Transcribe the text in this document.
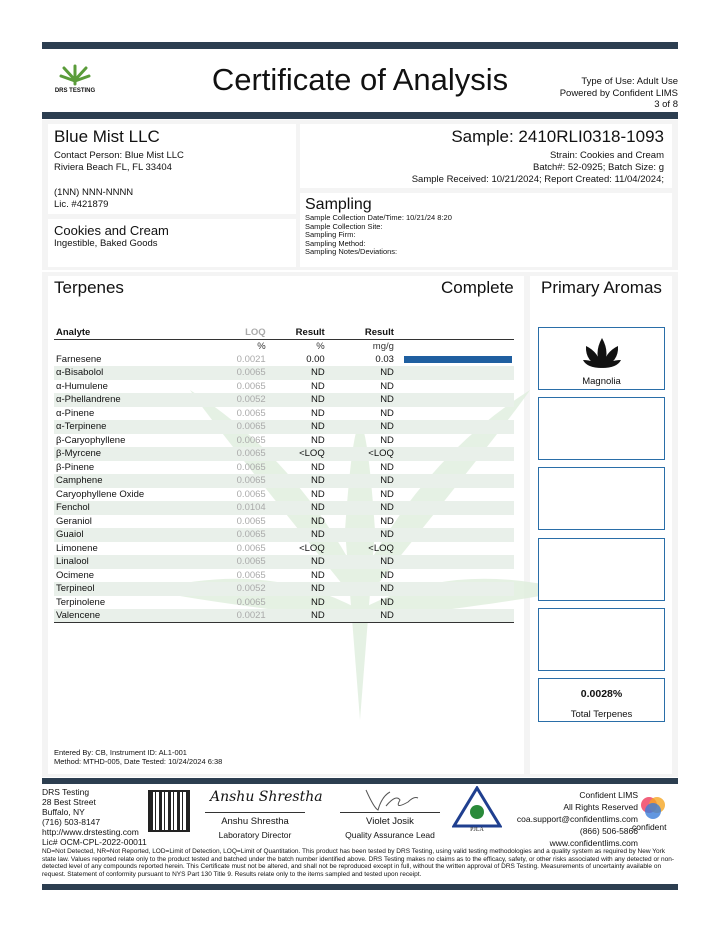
DRS TESTING	Certificate of Analysis	Type of Use: Adult Use
Powered by Confident LIMS
3 of 8
Blue Mist LLC
Contact Person: Blue Mist LLC
Riviera Beach FL, FL 33404
(1NN) NNN-NNNN
Lic. #421879
Cookies and Cream
Ingestible, Baked Goods
Sample: 2410RLI0318-1093
Strain: Cookies and Cream
Batch#: 52-0925; Batch Size: g
Sample Received: 10/21/2024; Report Created: 11/04/2024;
Sampling
Sample Collection Date/Time: 10/21/24 8:20
Sample Collection Site:
Sampling Firm:
Sampling Method:
Sampling Notes/Deviations:
Terpenes	Complete Primary Aromas
Analyte	LOQ	Result	Result	
	%	%	mg/g	
Farnesene	0.0021	0.00	0.03	

α-Bisabolol	0.0065	ND	ND	
α-Humulene	0.0065	ND	ND	
α-Phellandrene	0.0052	ND	ND	
α-Pinene	0.0065	ND	ND	
α-Terpinene	0.0065	ND	ND	
β-Caryophyllene	0.0065	ND	ND	
β-Myrcene	0.0065	<LOQ	<LOQ	
β-Pinene	0.0065	ND	ND	
Camphene	0.0065	ND	ND	
Caryophyllene Oxide	0.0065	ND	ND	
Fenchol	0.0104	ND	ND	
Geraniol	0.0065	ND	ND	
Guaiol	0.0065	ND	ND	
Limonene	0.0065	<LOQ	<LOQ	
Linalool	0.0065	ND	ND	
Ocimene	0.0065	ND	ND	
Terpineol	0.0052	ND	ND	
Terpinolene	0.0065	ND	ND	
Valencene	0.0021	ND	ND	
Magnolia
0.0028%
Total Terpenes
Entered By: CB, Instrument ID: AL1-001
Method: MTHD-005, Date Tested: 10/24/2024 6:38
DRS Testing
28 Best Street
Buffalo, NY
(716) 503-8147
http://www.drstesting.com
Lic# OCM-CPL-2022-00011
Anshu Shrestha
Anshu Shrestha
Laboratory Director
Violet Josik
Quality Assurance Lead	PJLA
Confident LIMS
All Rights Reserved
coa.support@confidentlims.com
(866) 506-5866
www.confidentlims.com
confident
ND=Not Detected, NR=Not Reported, LOD=Limit of Detection, LOQ=Limit of Quantitation. This product has been tested by DRS Testing, using valid testing methodologies and a quality system as required by New York state law. Values reported relate only to the product tested and batched under the batch number identified above. DRS Testing makes no claims as to the efficacy, safety, or other risks associated with any detected or non-detected level of any compounds reported herein. This Certificate must not be altered, and shall not be reproduced except in full, without the written approval of DRS Testing. Measurements of uncertainty available on request. Statement of conformity pursuant to NYS Part 130 Title 9. Results relate only to the items sampled and tested upon receipt.
